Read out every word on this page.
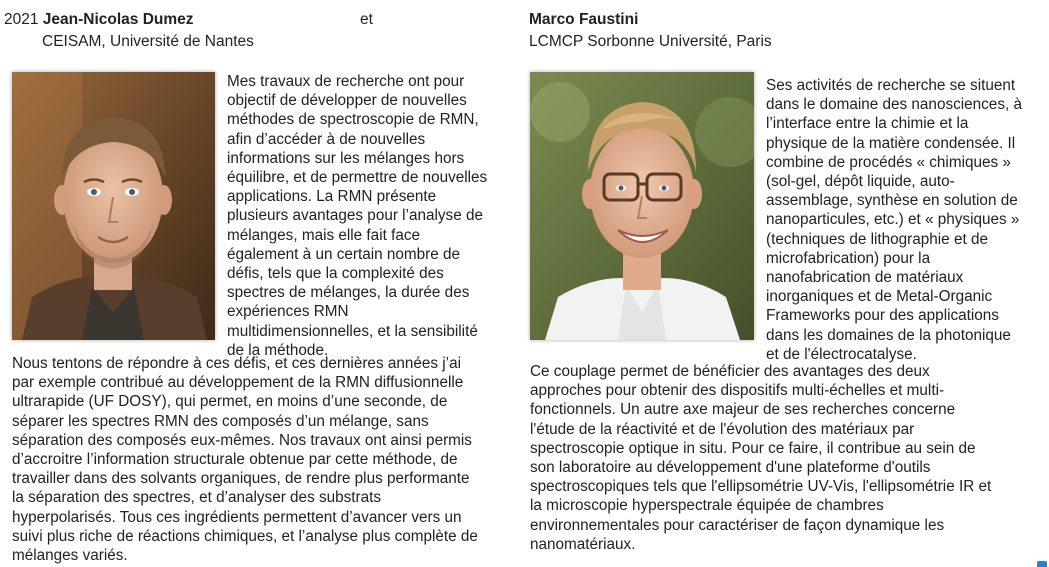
2021 Jean-Nicolas Dumez
CEISAM, Université de Nantes
et	Marco Faustini
LCMCP Sorbonne Université, Paris
Mes travaux de recherche ont pour
objectif de développer de nouvelles
méthodes de spectroscopie de RMN,
afin d’accéder à de nouvelles
informations sur les mélanges hors
équilibre, et de permettre de nouvelles
applications. La RMN présente
plusieurs avantages pour l’analyse de
mélanges, mais elle fait face
également à un certain nombre de
défis, tels que la complexité des
spectres de mélanges, la durée des
expériences RMN
multidimensionnelles, et la sensibilité
de la méthode.
Nous tentons de répondre à ces défis, et ces dernières années j’ai
par exemple contribué au développement de la RMN diffusionnelle
ultrarapide (UF DOSY), qui permet, en moins d’une seconde, de
séparer les spectres RMN des composés d’un mélange, sans
séparation des composés eux-mêmes. Nos travaux ont ainsi permis
d’accroitre l’information structurale obtenue par cette méthode, de
travailler dans des solvants organiques, de rendre plus performante
la séparation des spectres, et d’analyser des substrats
hyperpolarisés. Tous ces ingrédients permettent d’avancer vers un
suivi plus riche de réactions chimiques, et l’analyse plus complète de
mélanges variés.
Ses activités de recherche se situent
dans le domaine des nanosciences, à
l’interface entre la chimie et la
physique de la matière condensée. Il
combine de procédés « chimiques »
(sol-gel, dépôt liquide, auto-
assemblage, synthèse en solution de
nanoparticules, etc.) et « physiques »
(techniques de lithographie et de
microfabrication) pour la
nanofabrication de matériaux
inorganiques et de Metal-Organic
Frameworks pour des applications
dans les domaines de la photonique
et de l'électrocatalyse.
Ce couplage permet de bénéficier des avantages des deux
approches pour obtenir des dispositifs multi-échelles et multi-
fonctionnels. Un autre axe majeur de ses recherches concerne
l'étude de la réactivité et de l'évolution des matériaux par
spectroscopie optique in situ. Pour ce faire, il contribue au sein de
son laboratoire au développement d'une plateforme d'outils
spectroscopiques tels que l'ellipsométrie UV-Vis, l'ellipsométrie IR et
la microscopie hyperspectrale équipée de chambres
environnementales pour caractériser de façon dynamique les
nanomatériaux.
